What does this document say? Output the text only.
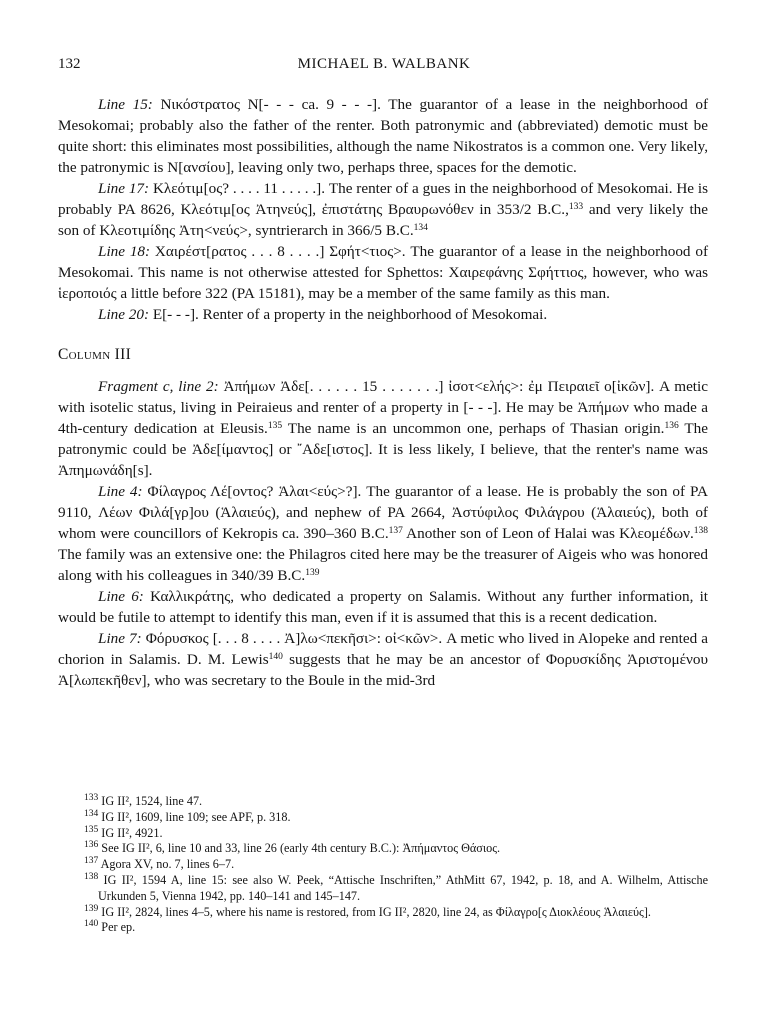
132	MICHAEL B. WALBANK

Line 15: Νικόστρατος N[- - - ca. 9 - - -]. The guarantor of a lease in the neighborhood of Mesokomai; probably also the father of the renter. Both patronymic and (abbreviated) demotic must be quite short: this eliminates most possibilities, although the name Nikostratos is a common one. Very likely, the patronymic is N[ανσίου], leaving only two, perhaps three, spaces for the demotic.

Line 17: Κλεότιμ[ος? . . . . 11 . . . . .]. The renter of a gues in the neighborhood of Mesokomai. He is probably PA 8626, Κλεότιμ[ος Ἀτηνεύς], ἐπιστάτης Βραυρωνόθεν in 353/2 B.C.,$^{133}$ and very likely the son of Κλεοτιμίδης Ἀτη<νεύς>, syntrierarch in 366/5 B.C.$^{134}$

Line 18: Χαιρέστ[ρατος . . . 8 . . . .] Σφήτ<τιος>. The guarantor of a lease in the neighborhood of Mesokomai. This name is not otherwise attested for Sphettos: Χαιρεφάνης Σφήττιος, however, who was ἱεροποιός a little before 322 (PA 15181), may be a member of the same family as this man.

Line 20: E[- - -]. Renter of a property in the neighborhood of Mesokomai.

Column III

Fragment c, line 2: Ἀπήμων Ἀδε[. . . . . . 15 . . . . . . .] ἰσοτ<ελής>: ἐμ Πειραιεῖ ο[ἰκῶν]. A metic with isotelic status, living in Peiraieus and renter of a property in [- - -]. He may be Ἀπήμων who made a 4th-century dedication at Eleusis.$^{135}$ The name is an uncommon one, perhaps of Thasian origin.$^{136}$ The patronymic could be Ἀδε[ίμαντος] or ῎Αδε[ιστος]. It is less likely, I believe, that the renter's name was Ἀπημωνάδη[s].

Line 4: Φίλαγρος Λέ[οντος? Ἁλαι<εύς>?]. The guarantor of a lease. He is probably the son of PA 9110, Λέων Φιλά[γρ]ου (Ἁλαιεύς), and nephew of PA 2664, Ἀστύφιλος Φιλάγρου (Ἁλαιεύς), both of whom were councillors of Kekropis ca. 390–360 B.C.$^{137}$ Another son of Leon of Halai was Κλεομέδων.$^{138}$ The family was an extensive one: the Philagros cited here may be the treasurer of Aigeis who was honored along with his colleagues in 340/39 B.C.$^{139}$

Line 6: Καλλικράτης, who dedicated a property on Salamis. Without any further information, it would be futile to attempt to identify this man, even if it is assumed that this is a recent dedication.

Line 7: Φόρυσκος [. . . 8 . . . . Ἀ]λω<πεκῆσι>: οἰ<κῶν>. A metic who lived in Alopeke and rented a chorion in Salamis. D. M. Lewis$^{140}$ suggests that he may be an ancestor of Φορυσκίδης Ἀριστομένου Ἀ[λωπεκῆθεν], who was secretary to the Boule in the mid-3rd

$^{133}$ IG II², 1524, line 47.

$^{134}$ IG II², 1609, line 109; see APF, p. 318.

$^{135}$ IG II², 4921.

$^{136}$ See IG II², 6, line 10 and 33, line 26 (early 4th century B.C.): Ἀπήμαντος Θάσιος.

$^{137}$ Agora XV, no. 7, lines 6–7.

$^{138}$ IG II², 1594 A, line 15: see also W. Peek, “Attische Inschriften,” AthMitt 67, 1942, p. 18, and A. Wilhelm, Attische Urkunden 5, Vienna 1942, pp. 140–141 and 145–147.

$^{139}$ IG II², 2824, lines 4–5, where his name is restored, from IG II², 2820, line 24, as Φίλαγρο[ς Διοκλέους Ἁλαιεύς].

$^{140}$ Per ep.
